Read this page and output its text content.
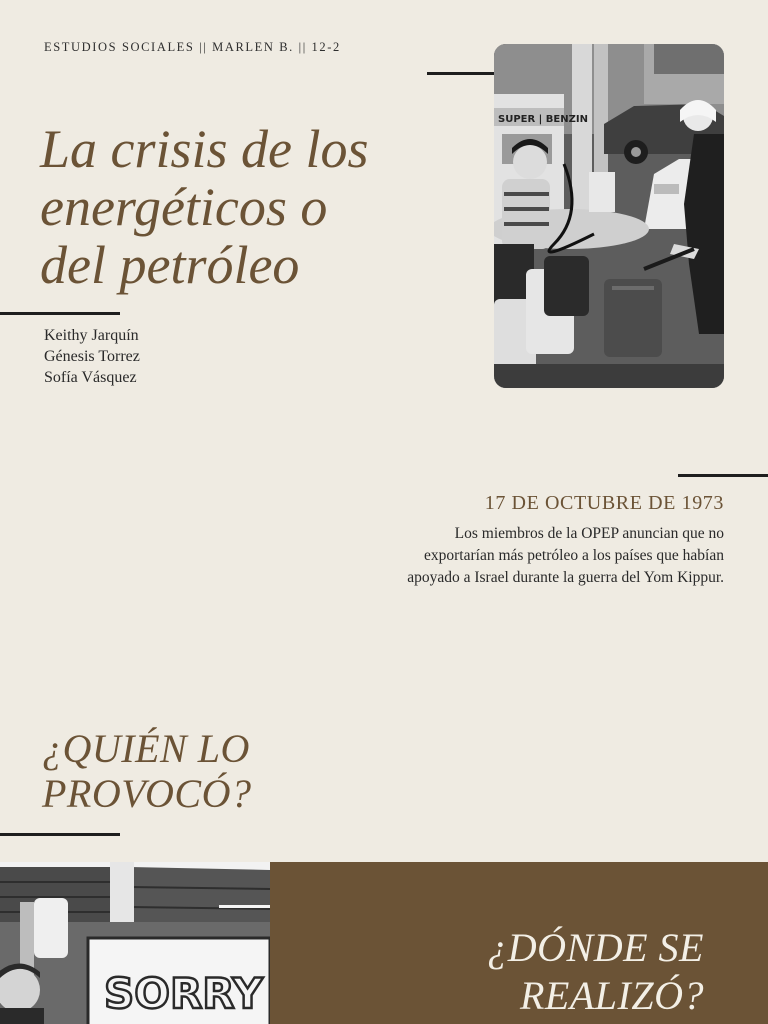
ESTUDIOS SOCIALES || MARLEN B. || 12-2
La crisis de los
energéticos o
del petróleo
Keithy Jarquín
Génesis Torrez
Sofía Vásquez
SUPER | BENZIN
17 DE OCTUBRE DE 1973
Los miembros de la OPEP anuncian que no
exportarían más petróleo a los países que habían
apoyado a Israel durante la guerra del Yom Kippur.
¿QUIÉN LO
PROVOCÓ?
SORRY
¿DÓNDE SE
REALIZÓ?
